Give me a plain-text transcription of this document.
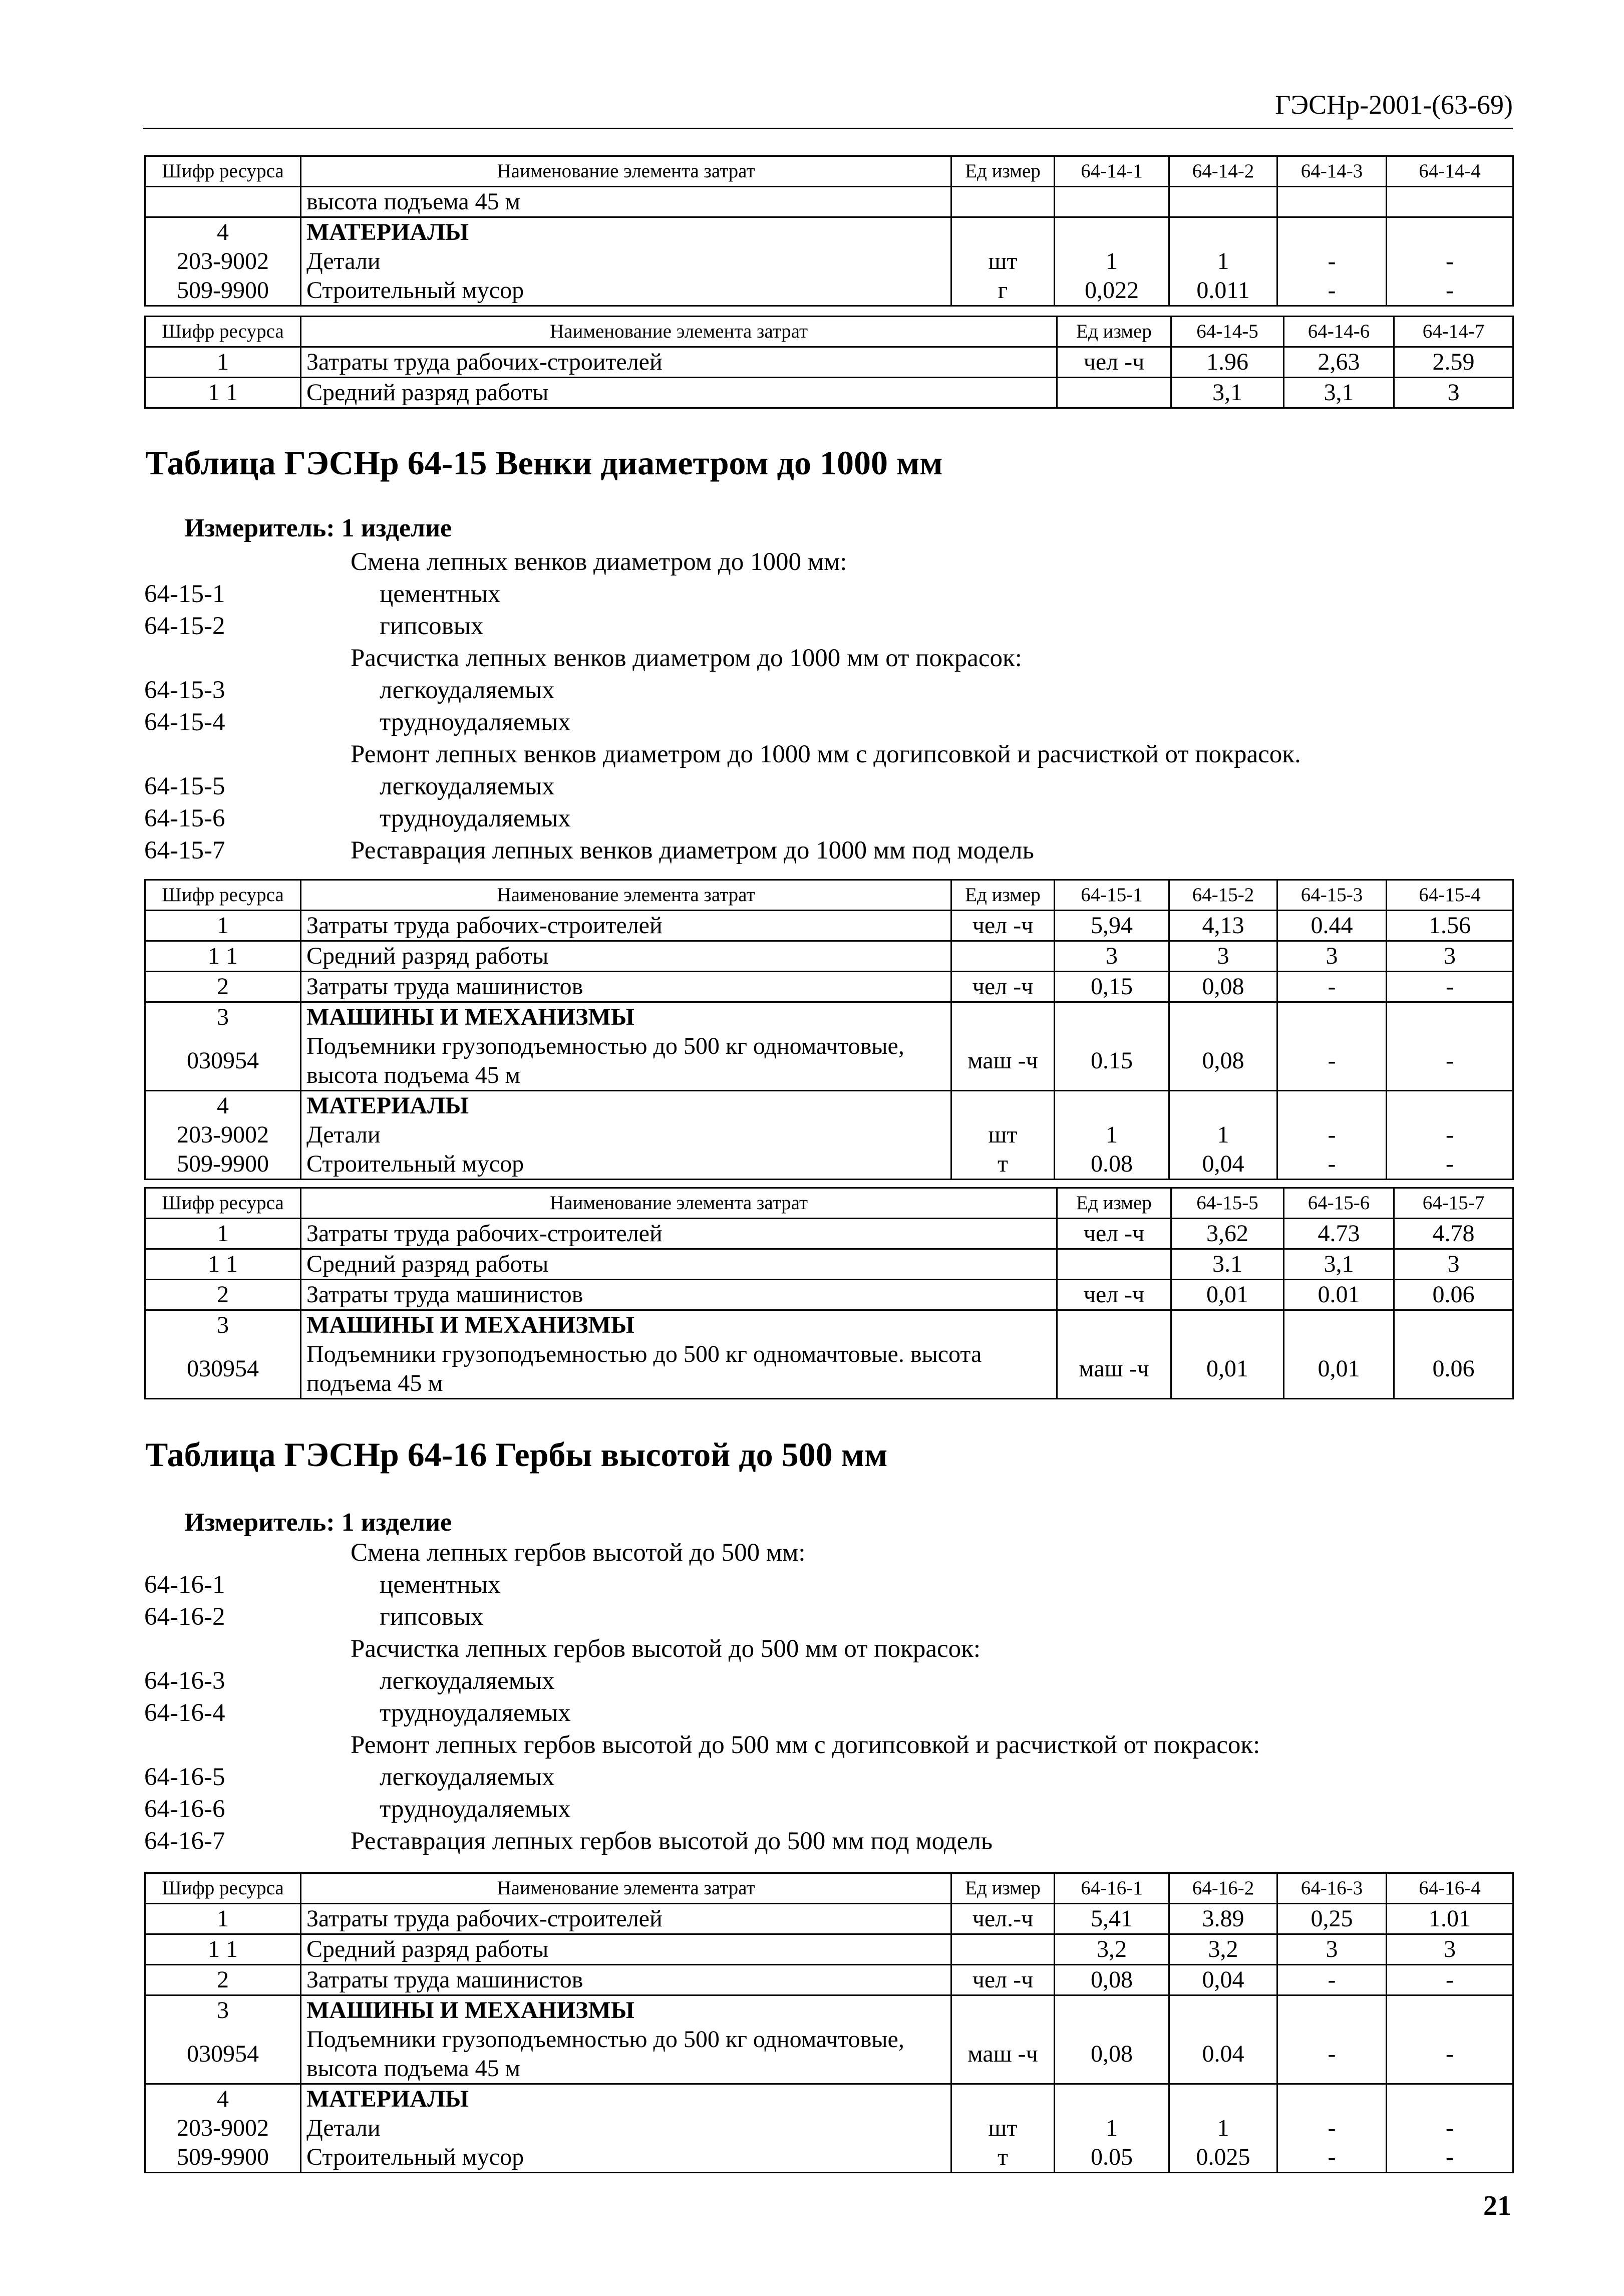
ГЭСНр-2001-(63-69)
Шифр ресурса	Наименование элемента затрат	Ед измер	64-14-1	64-14-2	64-14-3	64-14-4
	высота подъема 45 м					
4	МАТЕРИАЛЫ					
203-9002	Детали	шт	1	1	-	-
509-9900	Строительный мусор	г	0,022	0.011	-	-
Шифр ресурса	Наименование элемента затрат	Ед измер	64-14-5	64-14-6	64-14-7
1	Затраты труда рабочих-строителей	чел -ч	1.96	2,63	2.59
1 1	Средний разряд работы		3,1	3,1	3
Таблица ГЭСНр 64-15 Венки диаметром до 1000 мм
Измеритель: 1 изделие
Смена лепных венков диаметром до 1000 мм:
64-15-1	цементных
64-15-2	гипсовых
Расчистка лепных венков диаметром до 1000 мм от покрасок:
64-15-3	легкоудаляемых
64-15-4	трудноудаляемых
Ремонт лепных венков диаметром до 1000 мм с догипсовкой и расчисткой от покрасок.
64-15-5	легкоудаляемых
64-15-6	трудноудаляемых
64-15-7	Реставрация лепных венков диаметром до 1000 мм под модель
Шифр ресурса	Наименование элемента затрат	Ед измер	64-15-1	64-15-2	64-15-3	64-15-4
1	Затраты труда рабочих-строителей	чел -ч	5,94	4,13	0.44	1.56
1 1	Средний разряд работы		3	3	3	3
2	Затраты труда машинистов	чел -ч	0,15	0,08	-	-
3	МАШИНЫ И МЕХАНИЗМЫ					
030954	Подъемники грузоподъемностью до 500 кг одномачтовые, высота подъема 45 м	маш -ч	0.15	0,08	-	-
4	МАТЕРИАЛЫ					
203-9002	Детали	шт	1	1	-	-
509-9900	Строительный мусор	т	0.08	0,04	-	-
Шифр ресурса	Наименование элемента затрат	Ед измер	64-15-5	64-15-6	64-15-7
1	Затраты труда рабочих-строителей	чел -ч	3,62	4.73	4.78
1 1	Средний разряд работы		3.1	3,1	3
2	Затраты труда машинистов	чел -ч	0,01	0.01	0.06
3	МАШИНЫ И МЕХАНИЗМЫ				
030954	Подъемники грузоподъемностью до 500 кг одномачтовые. высота подъема 45 м	маш -ч	0,01	0,01	0.06
Таблица ГЭСНр 64-16 Гербы высотой до 500 мм
Измеритель: 1 изделие
Смена лепных гербов высотой до 500 мм:
64-16-1	цементных
64-16-2	гипсовых
Расчистка лепных гербов высотой до 500 мм от покрасок:
64-16-3	легкоудаляемых
64-16-4	трудноудаляемых
Ремонт лепных гербов высотой до 500 мм с догипсовкой и расчисткой от покрасок:
64-16-5	легкоудаляемых
64-16-6	трудноудаляемых
64-16-7	Реставрация лепных гербов высотой до 500 мм под модель
Шифр ресурса	Наименование элемента затрат	Ед измер	64-16-1	64-16-2	64-16-3	64-16-4
1	Затраты труда рабочих-строителей	чел.-ч	5,41	3.89	0,25	1.01
1 1	Средний разряд работы		3,2	3,2	3	3
2	Затраты труда машинистов	чел -ч	0,08	0,04	-	-
3	МАШИНЫ И МЕХАНИЗМЫ					
030954	Подъемники грузоподъемностью до 500 кг одномачтовые, высота подъема 45 м	маш -ч	0,08	0.04	-	-
4	МАТЕРИАЛЫ					
203-9002	Детали	шт	1	1	-	-
509-9900	Строительный мусор	т	0.05	0.025	-	-
21
